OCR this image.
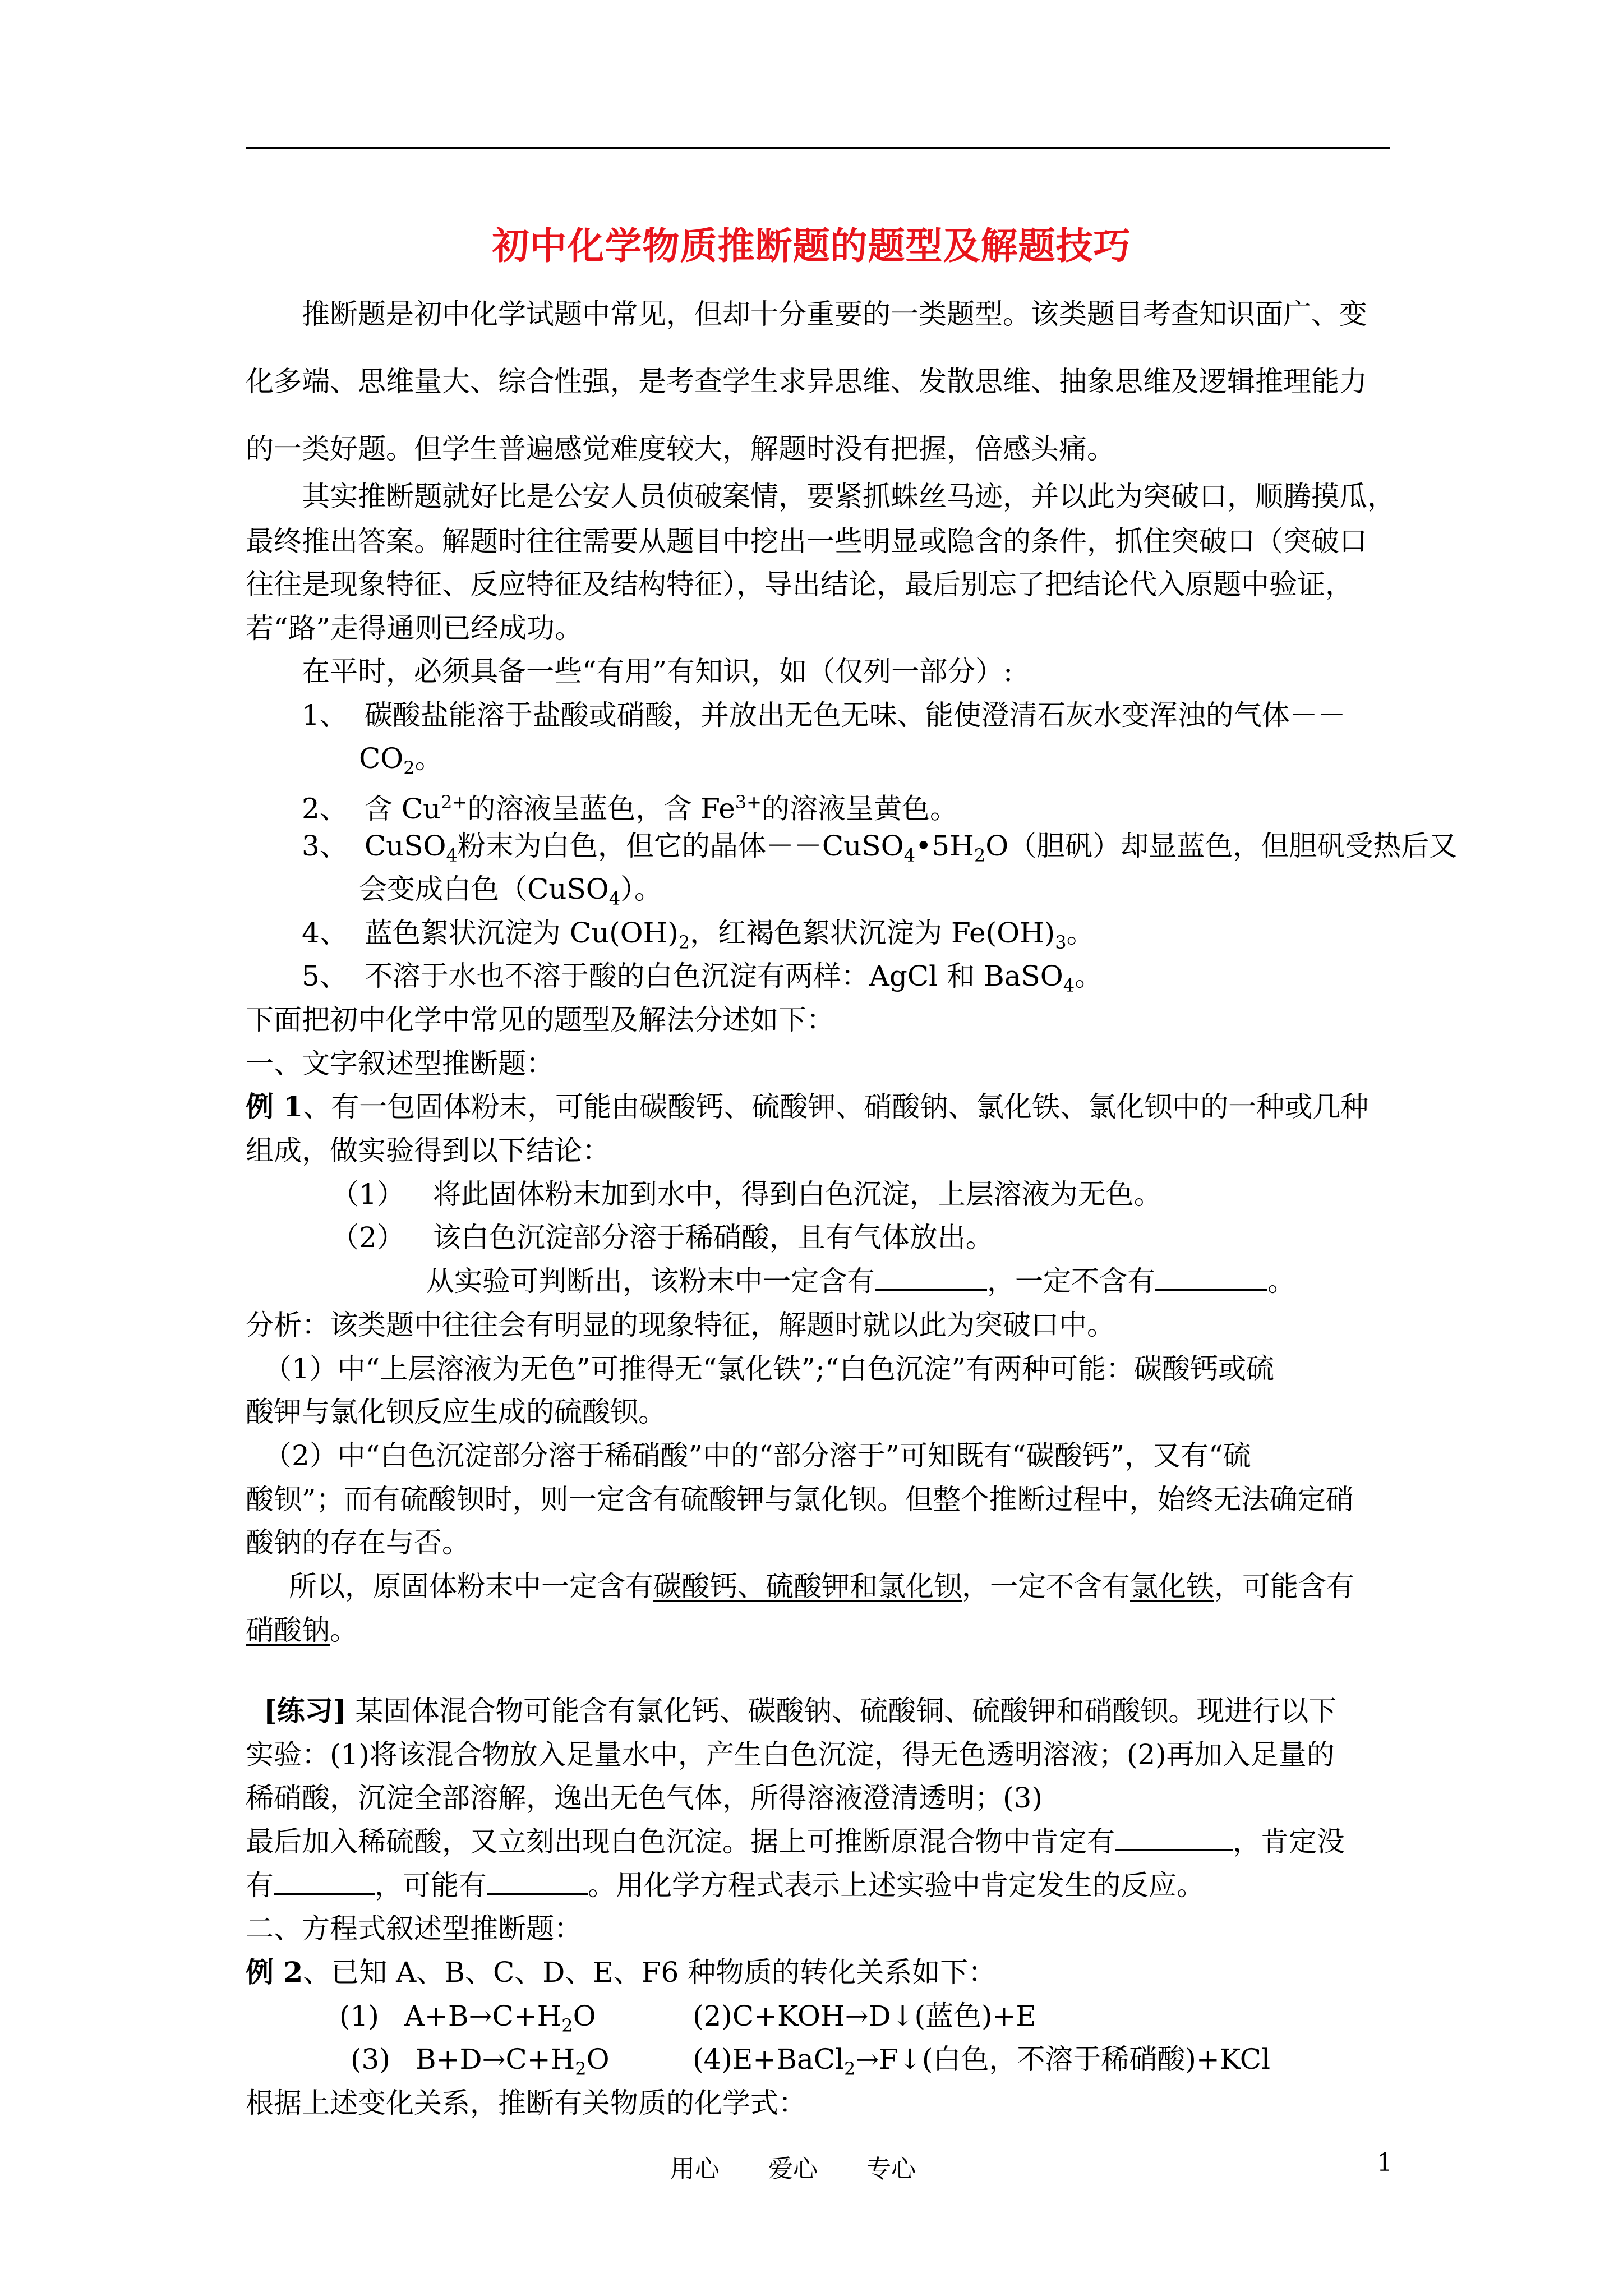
初中化学物质推断题的题型及解题技巧
推断题是初中化学试题中常见，但却十分重要的一类题型。该类题目考查知识面广、变
化多端、思维量大、综合性强，是考查学生求异思维、发散思维、抽象思维及逻辑推理能力
的一类好题。但学生普遍感觉难度较大，解题时没有把握，倍感头痛。
其实推断题就好比是公安人员侦破案情，要紧抓蛛丝马迹，并以此为突破口，顺腾摸瓜，
最终推出答案。解题时往往需要从题目中挖出一些明显或隐含的条件，抓住突破口（突破口
往往是现象特征、反应特征及结构特征），导出结论，最后别忘了把结论代入原题中验证，
若“路”走得通则已经成功。
在平时，必须具备一些“有用”有知识，如（仅列一部分）:
1、 碳酸盐能溶于盐酸或硝酸，并放出无色无味、能使澄清石灰水变浑浊的气体－－
$CO_2$。
2、 含 $Cu^{2+}$的溶液呈蓝色，含 $Fe^{3+}$的溶液呈黄色。
3、 CuSO$_4$粉末为白色，但它的晶体$--CuSO_4•5H_2O$（胆矾）却显蓝色，但胆矾受热后又
会变成白色（CuSO$_4$）。
4、 蓝色絮状沉淀为 $Cu(OH)_2$，红褐色絮状沉淀为 $Fe(OH)_3$。
5、 不溶于水也不溶于酸的白色沉淀有两样：AgCl 和 BaSO$_4$。
下面把初中化学中常见的题型及解法分述如下：
一、文字叙述型推断题：
例 1、有一包固体粉末，可能由碳酸钙、硫酸钾、硝酸钠、氯化铁、氯化钡中的一种或几种
组成，做实验得到以下结论：
（1） 将此固体粉末加到水中，得到白色沉淀，上层溶液为无色。
（2） 该白色沉淀部分溶于稀硝酸，且有气体放出。
从实验可判断出，该粉末中一定含有	，一定不含有	。
分析：该类题中往往会有明显的现象特征，解题时就以此为突破口中。
（1）中“上层溶液为无色”可推得无“氯化铁”;“白色沉淀”有两种可能：碳酸钙或硫
酸钾与氯化钡反应生成的硫酸钡。
（2）中“白色沉淀部分溶于稀硝酸”中的“部分溶于”可知既有“碳酸钙”，又有“硫
酸钡”；而有硫酸钡时，则一定含有硫酸钾与氯化钡。但整个推断过程中，始终无法确定硝
酸钠的存在与否。
所以，原固体粉末中一定含有碳酸钙、硫酸钾和氯化钡，一定不含有氯化铁，可能含有
硝酸钠。
[练习] 某固体混合物可能含有氯化钙、碳酸钠、硫酸铜、硫酸钾和硝酸钡。现进行以下
实验：(1)将该混合物放入足量水中，产生白色沉淀，得无色透明溶液；(2)再加入足量的
稀硝酸，沉淀全部溶解，逸出无色气体，所得溶液澄清透明；(3)
最后加入稀硫酸，又立刻出现白色沉淀。据上可推断原混合物中肯定有	，肯定没
有	，可能有	。用化学方程式表示上述实验中肯定发生的反应。
二、方程式叙述型推断题：
例 2、已知 A、B、C、D、E、F6 种物质的转化关系如下：
(1) $A+B\to C+H_2O$	(2)C+KOH→D↓(蓝色)+E
(3) $B+D\to C+H_2O$	(4)E+BaCl$_2$→F↓(白色，不溶于稀硝酸)+KCl
根据上述变化关系，推断有关物质的化学式：
用心 爱心 专心	1
